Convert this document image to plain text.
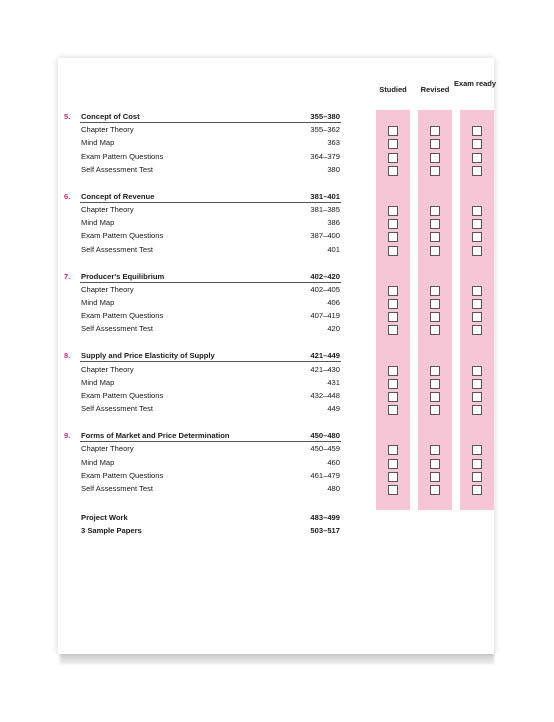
Studied	Revised
Exam ready
5. Concept of Cost	355–380
Chapter Theory	355–362
Mind Map	363
Exam Pattern Questions	364–379
Self Assessment Test	380
6. Concept of Revenue	381–401
Chapter Theory	381–385
Mind Map	386
Exam Pattern Questions	387–400
Self Assessment Test	401
7. Producer's Equilibrium	402–420
Chapter Theory	402–405
Mind Map	406
Exam Pattern Questions	407–419
Self Assessment Test	420
8. Supply and Price Elasticity of Supply	421–449
Chapter Theory	421–430
Mind Map	431
Exam Pattern Questions	432–448
Self Assessment Test	449
9. Forms of Market and Price Determination	450–480
Chapter Theory	450–459
Mind Map	460
Exam Pattern Questions	461–479
Self Assessment Test	480
Project Work	483–499
3 Sample Papers	503–517
